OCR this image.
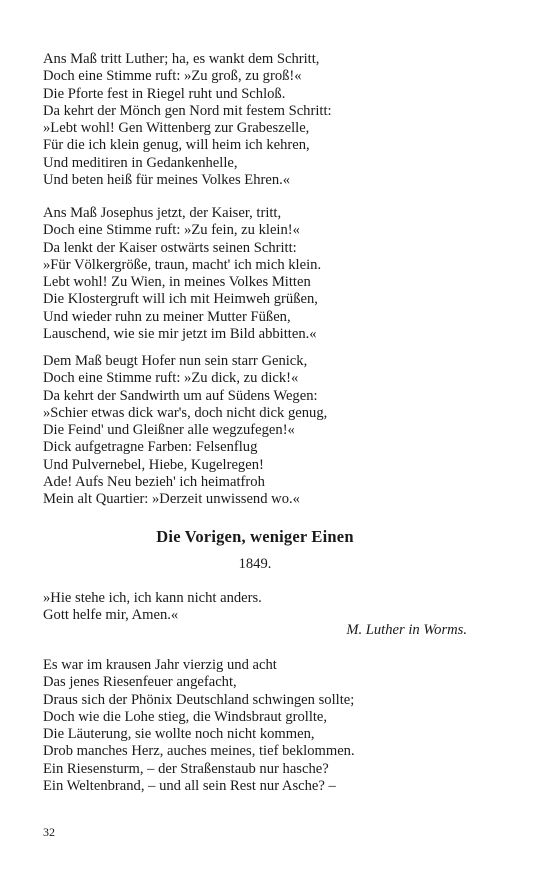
Ans Maß tritt Luther; ha, es wankt dem Schritt,
Doch eine Stimme ruft: »Zu groß, zu groß!«
Die Pforte fest in Riegel ruht und Schloß.
Da kehrt der Mönch gen Nord mit festem Schritt:
»Lebt wohl! Gen Wittenberg zur Grabeszelle,
Für die ich klein genug, will heim ich kehren,
Und meditiren in Gedankenhelle,
Und beten heiß für meines Volkes Ehren.«
Ans Maß Josephus jetzt, der Kaiser, tritt,
Doch eine Stimme ruft: »Zu fein, zu klein!«
Da lenkt der Kaiser ostwärts seinen Schritt:
»Für Völkergröße, traun, macht' ich mich klein.
Lebt wohl! Zu Wien, in meines Volkes Mitten
Die Klostergruft will ich mit Heimweh grüßen,
Und wieder ruhn zu meiner Mutter Füßen,
Lauschend, wie sie mir jetzt im Bild abbitten.«
Dem Maß beugt Hofer nun sein starr Genick,
Doch eine Stimme ruft: »Zu dick, zu dick!«
Da kehrt der Sandwirth um auf Südens Wegen:
»Schier etwas dick war's, doch nicht dick genug,
Die Feind' und Gleißner alle wegzufegen!«
Dick aufgetragne Farben: Felsenflug
Und Pulvernebel, Hiebe, Kugelregen!
Ade! Aufs Neu bezieh' ich heimatfroh
Mein alt Quartier: »Derzeit unwissend wo.«
Die Vorigen, weniger Einen
1849.
»Hie stehe ich, ich kann nicht anders.
Gott helfe mir, Amen.«
M. Luther in Worms.
Es war im krausen Jahr vierzig und acht
Das jenes Riesenfeuer angefacht,
Draus sich der Phönix Deutschland schwingen sollte;
Doch wie die Lohe stieg, die Windsbraut grollte,
Die Läuterung, sie wollte noch nicht kommen,
Drob manches Herz, auches meines, tief beklommen.
Ein Riesensturm, – der Straßenstaub nur hasche?
Ein Weltenbrand, – und all sein Rest nur Asche? –
32
